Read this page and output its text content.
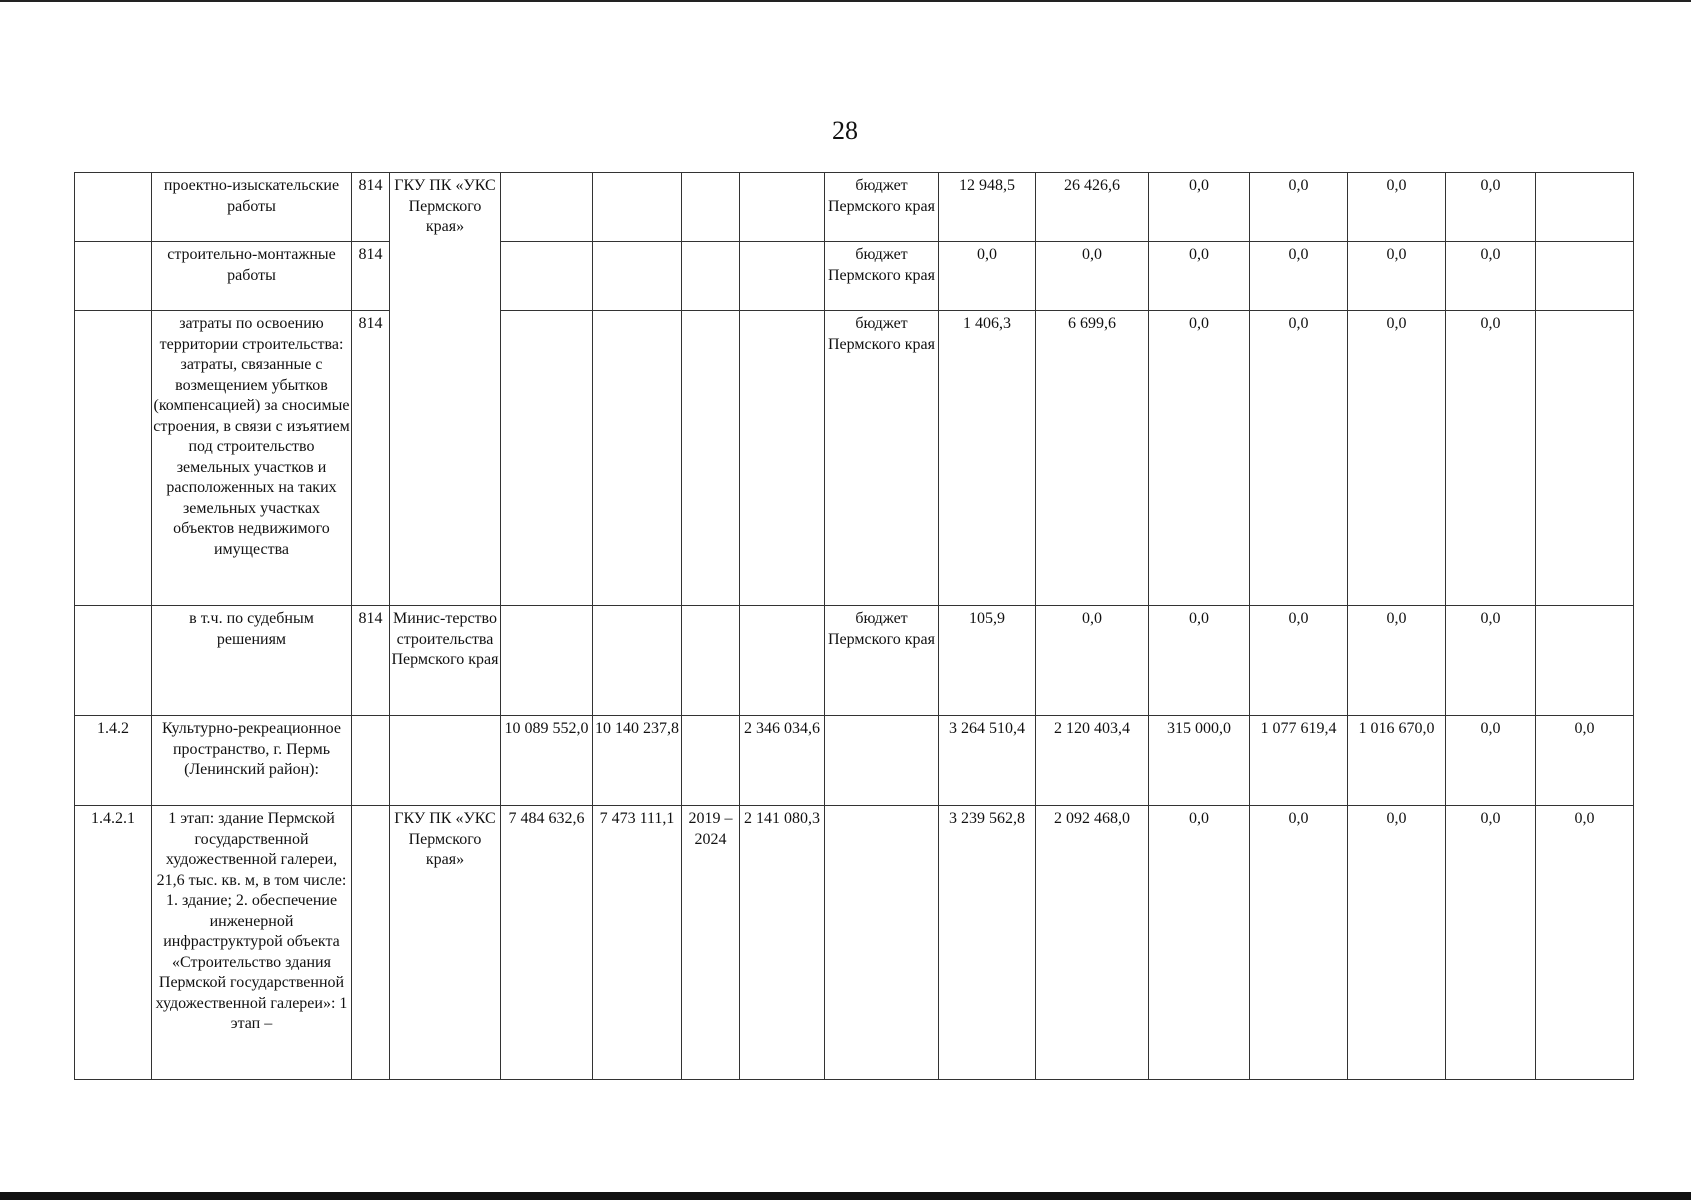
28
	проектно-изыскательские работы	814	ГКУ ПК «УКС Пермского края»					бюджет Пермского края	12 948,5	26 426,6	0,0	0,0	0,0	0,0	
	строительно-монтажные работы	814						бюджет Пермского края	0,0	0,0	0,0	0,0	0,0	0,0	
	затраты по освоению территории строительства: затраты, связанные с возмещением убытков (компенсацией) за сносимые строения, в связи с изъятием под строительство земельных участков и расположенных на таких земельных участках объектов недвижимого имущества	814						бюджет Пермского края	1 406,3	6 699,6	0,0	0,0	0,0	0,0	
	в т.ч. по судебным решениям	814	Минис-терство строительства Пермского края					бюджет Пермского края	105,9	0,0	0,0	0,0	0,0	0,0	
1.4.2	Культурно-рекреационное пространство, г. Пермь (Ленинский район):			10 089 552,0	10 140 237,8		2 346 034,6		3 264 510,4	2 120 403,4	315 000,0	1 077 619,4	1 016 670,0	0,0	0,0
1.4.2.1	1 этап: здание Пермской государственной художественной галереи, 21,6 тыс. кв. м, в том числе: 1. здание; 2. обеспечение инженерной инфраструктурой объекта «Строительство здания Пермской государственной художественной галереи»: 1 этап –		ГКУ ПК «УКС Пермского края»	7 484 632,6	7 473 111,1	2019 – 2024	2 141 080,3		3 239 562,8	2 092 468,0	0,0	0,0	0,0	0,0	0,0
